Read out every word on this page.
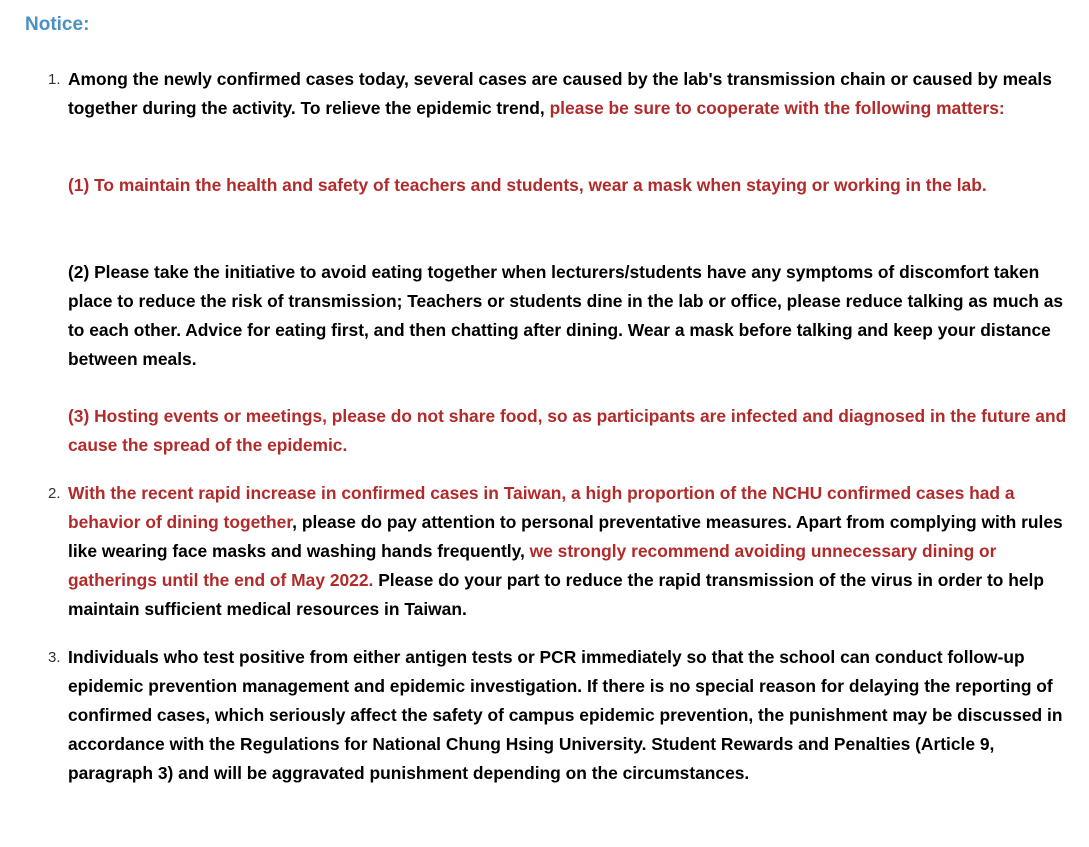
Notice:
1. Among the newly confirmed cases today, several cases are caused by the lab's transmission chain or caused by meals together during the activity. To relieve the epidemic trend, please be sure to cooperate with the following matters:
(1) To maintain the health and safety of teachers and students, wear a mask when staying or working in the lab.
(2) Please take the initiative to avoid eating together when lecturers/students have any symptoms of discomfort taken place to reduce the risk of transmission; Teachers or students dine in the lab or office, please reduce talking as much as to each other. Advice for eating first, and then chatting after dining. Wear a mask before talking and keep your distance between meals.
(3) Hosting events or meetings, please do not share food, so as participants are infected and diagnosed in the future and cause the spread of the epidemic.
2. With the recent rapid increase in confirmed cases in Taiwan, a high proportion of the NCHU confirmed cases had a behavior of dining together, please do pay attention to personal preventative measures. Apart from complying with rules like wearing face masks and washing hands frequently, we strongly recommend avoiding unnecessary dining or gatherings until the end of May 2022. Please do your part to reduce the rapid transmission of the virus in order to help maintain sufficient medical resources in Taiwan.
3. Individuals who test positive from either antigen tests or PCR immediately so that the school can conduct follow-up epidemic prevention management and epidemic investigation. If there is no special reason for delaying the reporting of confirmed cases, which seriously affect the safety of campus epidemic prevention, the punishment may be discussed in accordance with the Regulations for National Chung Hsing University. Student Rewards and Penalties (Article 9, paragraph 3) and will be aggravated punishment depending on the circumstances.
